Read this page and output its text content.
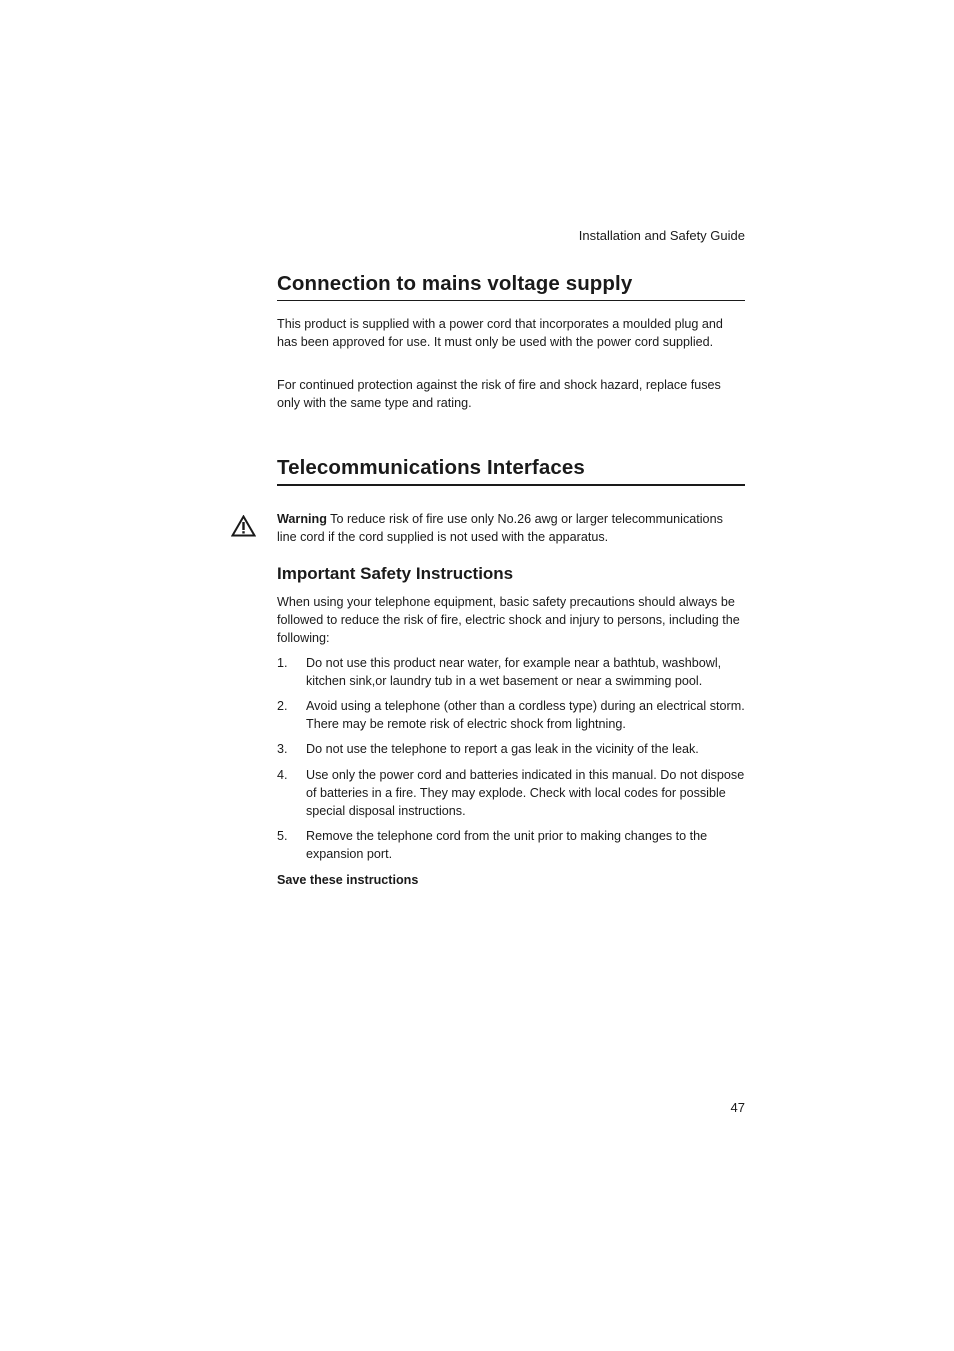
Installation and Safety Guide
Connection to mains voltage supply

This product is supplied with a power cord that incorporates a moulded plug and has been approved for use. It must only be used with the power cord supplied.

For continued protection against the risk of fire and shock hazard, replace fuses only with the same type and rating.

Telecommunications Interfaces

Warning To reduce risk of fire use only No.26 awg or larger telecommunications line cord if the cord supplied is not used with the apparatus.

Important Safety Instructions

When using your telephone equipment, basic safety precautions should always be followed to reduce the risk of fire, electric shock and injury to persons, including the following:

1.	Do not use this product near water, for example near a bathtub, washbowl, kitchen sink,or laundry tub in a wet basement or near a swimming pool.
2.	Avoid using a telephone (other than a cordless type) during an electrical storm. There may be remote risk of electric shock from lightning.
3.	Do not use the telephone to report a gas leak in the vicinity of the leak.
4.	Use only the power cord and batteries indicated in this manual. Do not dispose of batteries in a fire. They may explode. Check with local codes for possible special disposal instructions.
5.	Remove the telephone cord from the unit prior to making changes to the expansion port.
Save these instructions
47
